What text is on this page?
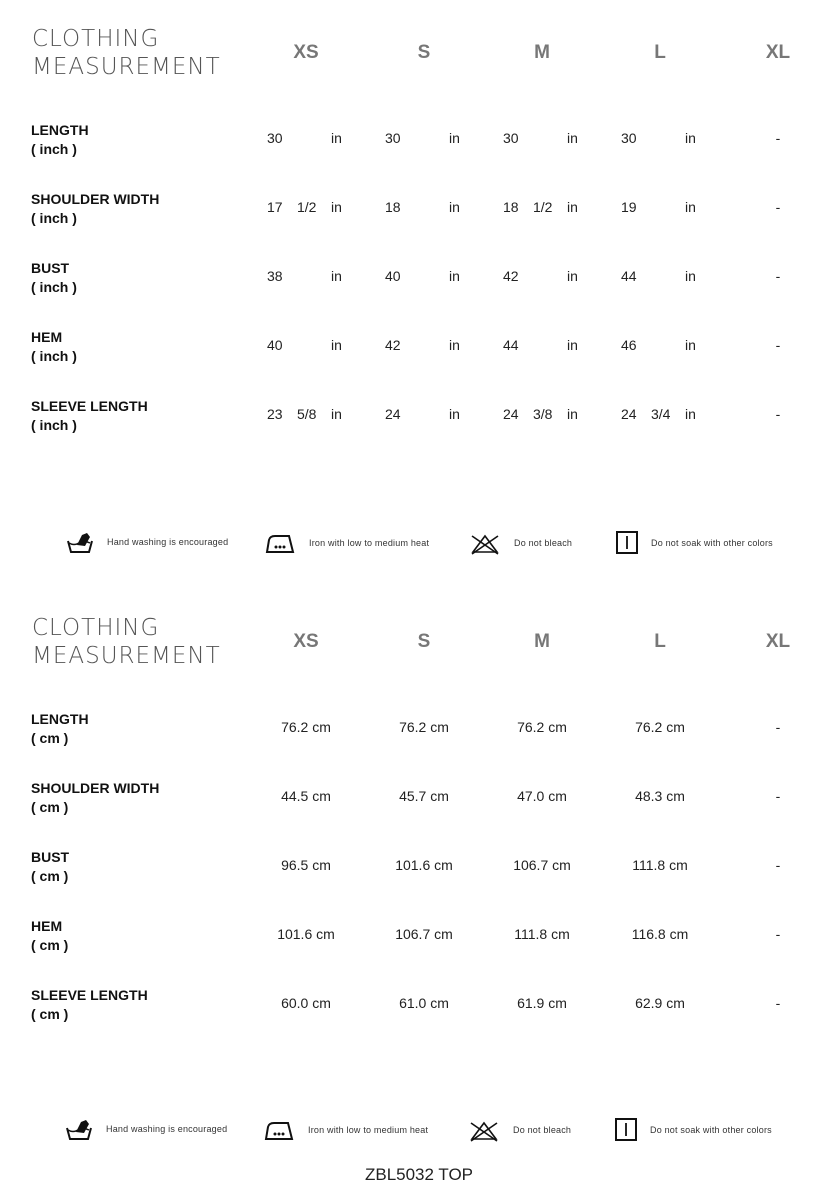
CLOTHING
MEASUREMENT
XS	S	M	L	XL
LENGTH
( inch )
30	in	30	in	30	in	30	in	-
SHOULDER WIDTH
( inch )
17 1/2 in	18	in	18 1/2 in	19	in	-
BUST
( inch )
38	in	40	in	42	in	44	in	-
HEM
( inch )
40	in	42	in	44	in	46	in	-
SLEEVE LENGTH
( inch )
23 5/8 in	24	in	24 3/8 in	24 3/4 in	-
Hand washing is encouraged	Iron with low to medium heat	Do not bleach	Do not soak with other colors
CLOTHING
MEASUREMENT
XS	S	M	L	XL
LENGTH
( cm )
76.2 cm	76.2 cm	76.2 cm	76.2 cm	-
SHOULDER WIDTH
( cm )
44.5 cm	45.7 cm	47.0 cm	48.3 cm	-
BUST
( cm )
96.5 cm	101.6 cm	106.7 cm	111.8 cm	-
HEM
( cm )
101.6 cm	106.7 cm	111.8 cm	116.8 cm	-
SLEEVE LENGTH
( cm )
60.0 cm	61.0 cm	61.9 cm	62.9 cm	-
Hand washing is encouraged	Iron with low to medium heat	Do not bleach	Do not soak with other colors
ZBL5032 TOP
